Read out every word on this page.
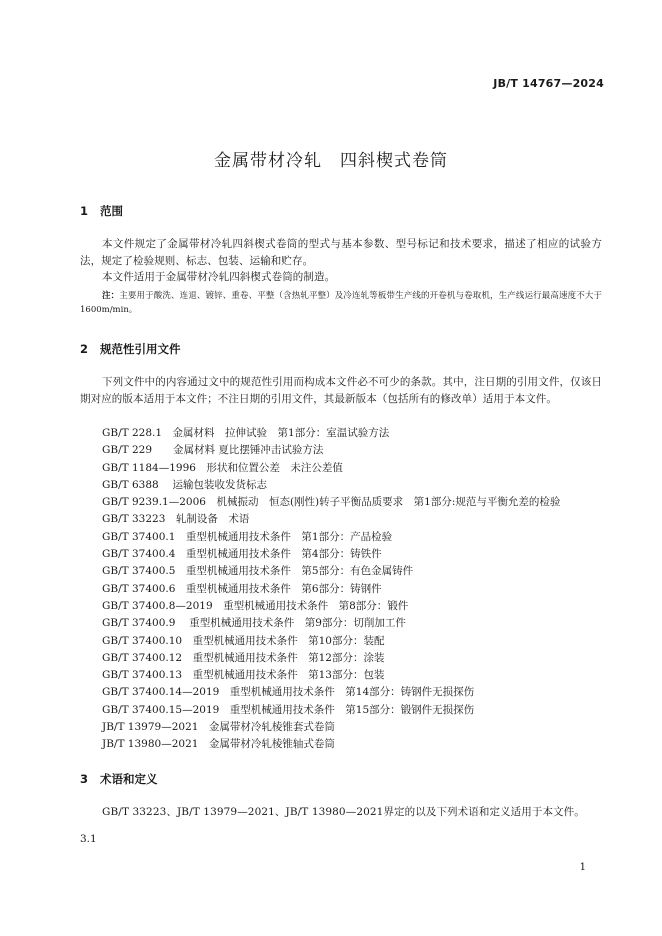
JB/T 14767—2024
金属带材冷轧　四斜楔式卷筒
1 范围
本文件规定了金属带材冷轧四斜楔式卷筒的型式与基本参数、型号标记和技术要求，描述了相应的试验方法，规定了检验规则、标志、包装、运输和贮存。
本文件适用于金属带材冷轧四斜楔式卷筒的制造。
注：主要用于酸洗、连退、镀锌、重卷、平整（含热轧平整）及冷连轧等板带生产线的开卷机与卷取机，生产线运行最高速度不大于1600m/min。
2 规范性引用文件
下列文件中的内容通过文中的规范性引用而构成本文件必不可少的条款。其中，注日期的引用文件，仅该日期对应的版本适用于本文件；不注日期的引用文件，其最新版本（包括所有的修改单）适用于本文件。
GB/T 228.1　金属材料　拉伸试验　第1部分：室温试验方法
GB/T 229　　金属材料 夏比摆锤冲击试验方法
GB/T 1184—1996　形状和位置公差　未注公差值
GB/T 6388　 运输包装收发货标志
GB/T 9239.1—2006　机械振动　恒态(刚性)转子平衡品质要求　第1部分:规范与平衡允差的检验
GB/T 33223　轧制设备　术语
GB/T 37400.1　重型机械通用技术条件　第1部分：产品检验
GB/T 37400.4　重型机械通用技术条件　第4部分：铸铁件
GB/T 37400.5　重型机械通用技术条件　第5部分：有色金属铸件
GB/T 37400.6　重型机械通用技术条件　第6部分：铸钢件
GB/T 37400.8—2019　重型机械通用技术条件　第8部分：锻件
GB/T 37400.9　 重型机械通用技术条件　第9部分：切削加工件
GB/T 37400.10　重型机械通用技术条件　第10部分：装配
GB/T 37400.12　重型机械通用技术条件　第12部分：涂装
GB/T 37400.13　重型机械通用技术条件　第13部分：包装
GB/T 37400.14—2019　重型机械通用技术条件　第14部分：铸钢件无损探伤
GB/T 37400.15—2019　重型机械通用技术条件　第15部分：锻钢件无损探伤
JB/T 13979—2021　金属带材冷轧棱锥套式卷筒
JB/T 13980—2021　金属带材冷轧棱锥轴式卷筒
3 术语和定义
GB/T 33223、JB/T 13979—2021、JB/T 13980—2021界定的以及下列术语和定义适用于本文件。
3.1
1
